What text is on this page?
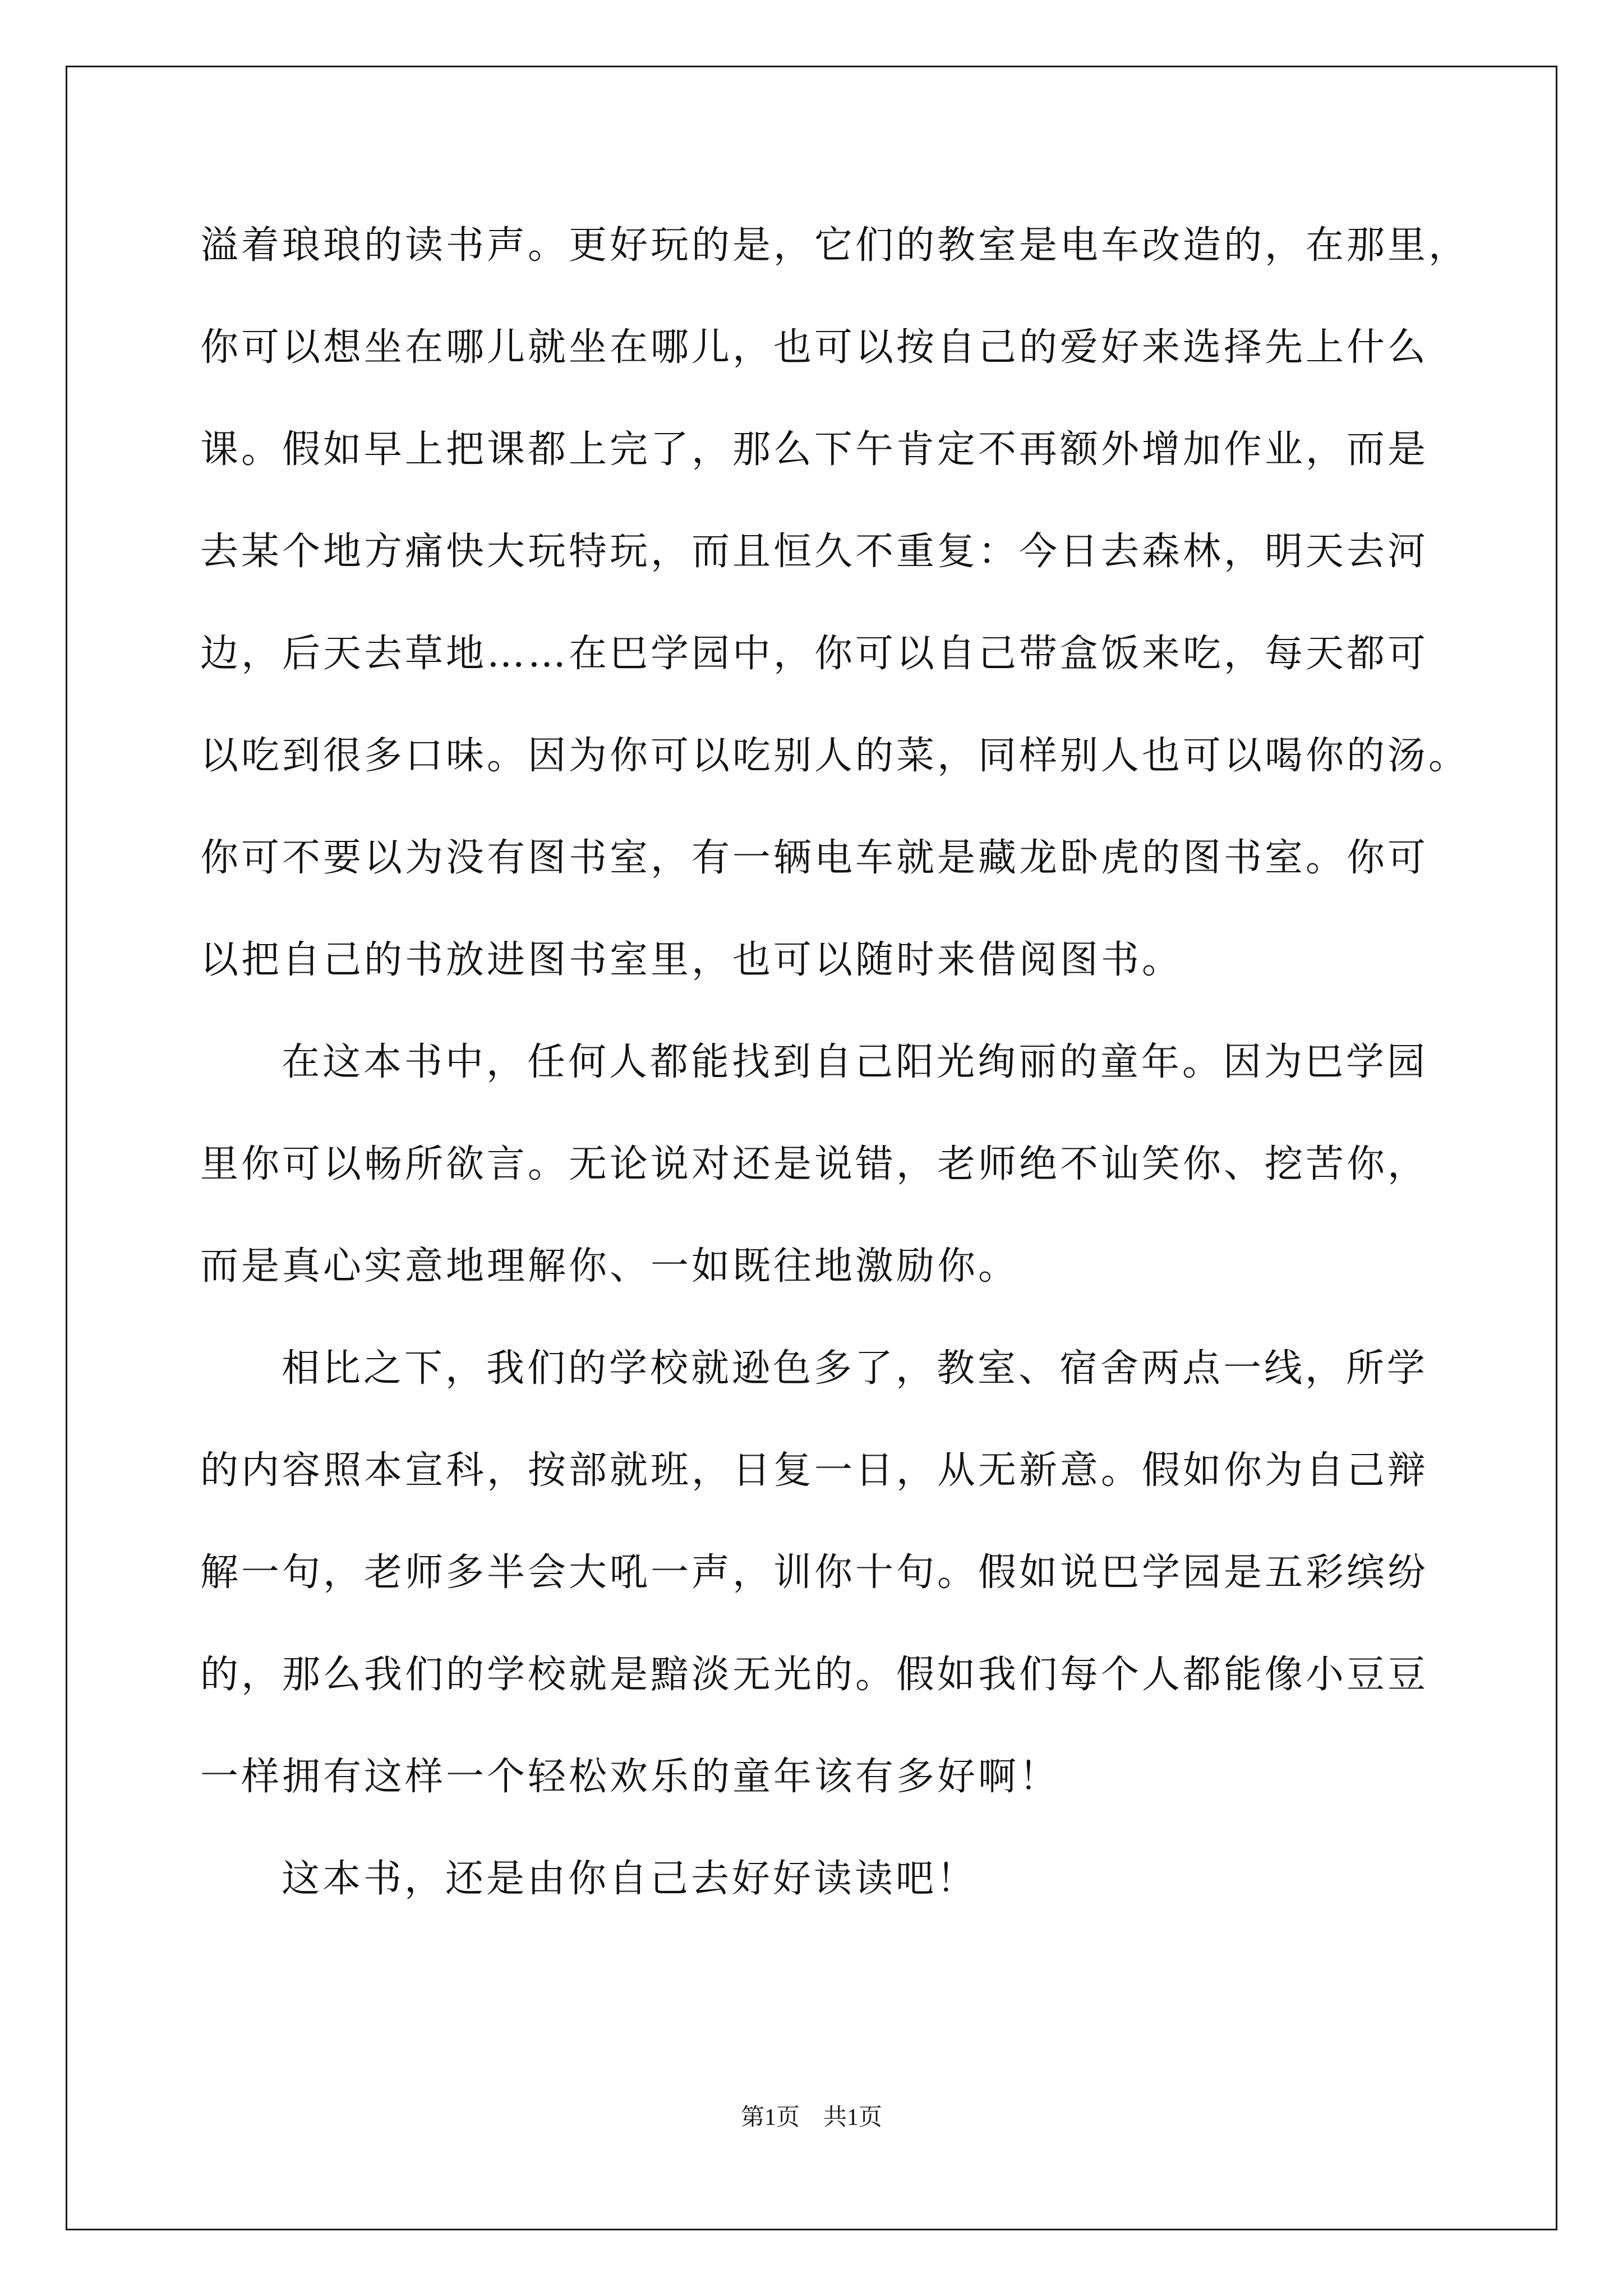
溢着琅琅的读书声。更好玩的是，它们的教室是电车改造的，在那里，
你可以想坐在哪儿就坐在哪儿，也可以按自己的爱好来选择先上什么
课。假如早上把课都上完了，那么下午肯定不再额外增加作业，而是
去某个地方痛快大玩特玩，而且恒久不重复：今日去森林，明天去河
边，后天去草地……在巴学园中，你可以自己带盒饭来吃，每天都可
以吃到很多口味。因为你可以吃别人的菜，同样别人也可以喝你的汤。
你可不要以为没有图书室，有一辆电车就是藏龙卧虎的图书室。你可
以把自己的书放进图书室里，也可以随时来借阅图书。
在这本书中，任何人都能找到自己阳光绚丽的童年。因为巴学园
里你可以畅所欲言。无论说对还是说错，老师绝不讪笑你、挖苦你，
而是真心实意地理解你、一如既往地激励你。
相比之下，我们的学校就逊色多了，教室、宿舍两点一线，所学
的内容照本宣科，按部就班，日复一日，从无新意。假如你为自己辩
解一句，老师多半会大吼一声，训你十句。假如说巴学园是五彩缤纷
的，那么我们的学校就是黯淡无光的。假如我们每个人都能像小豆豆
一样拥有这样一个轻松欢乐的童年该有多好啊！
这本书，还是由你自己去好好读读吧！
第1页 共1页
